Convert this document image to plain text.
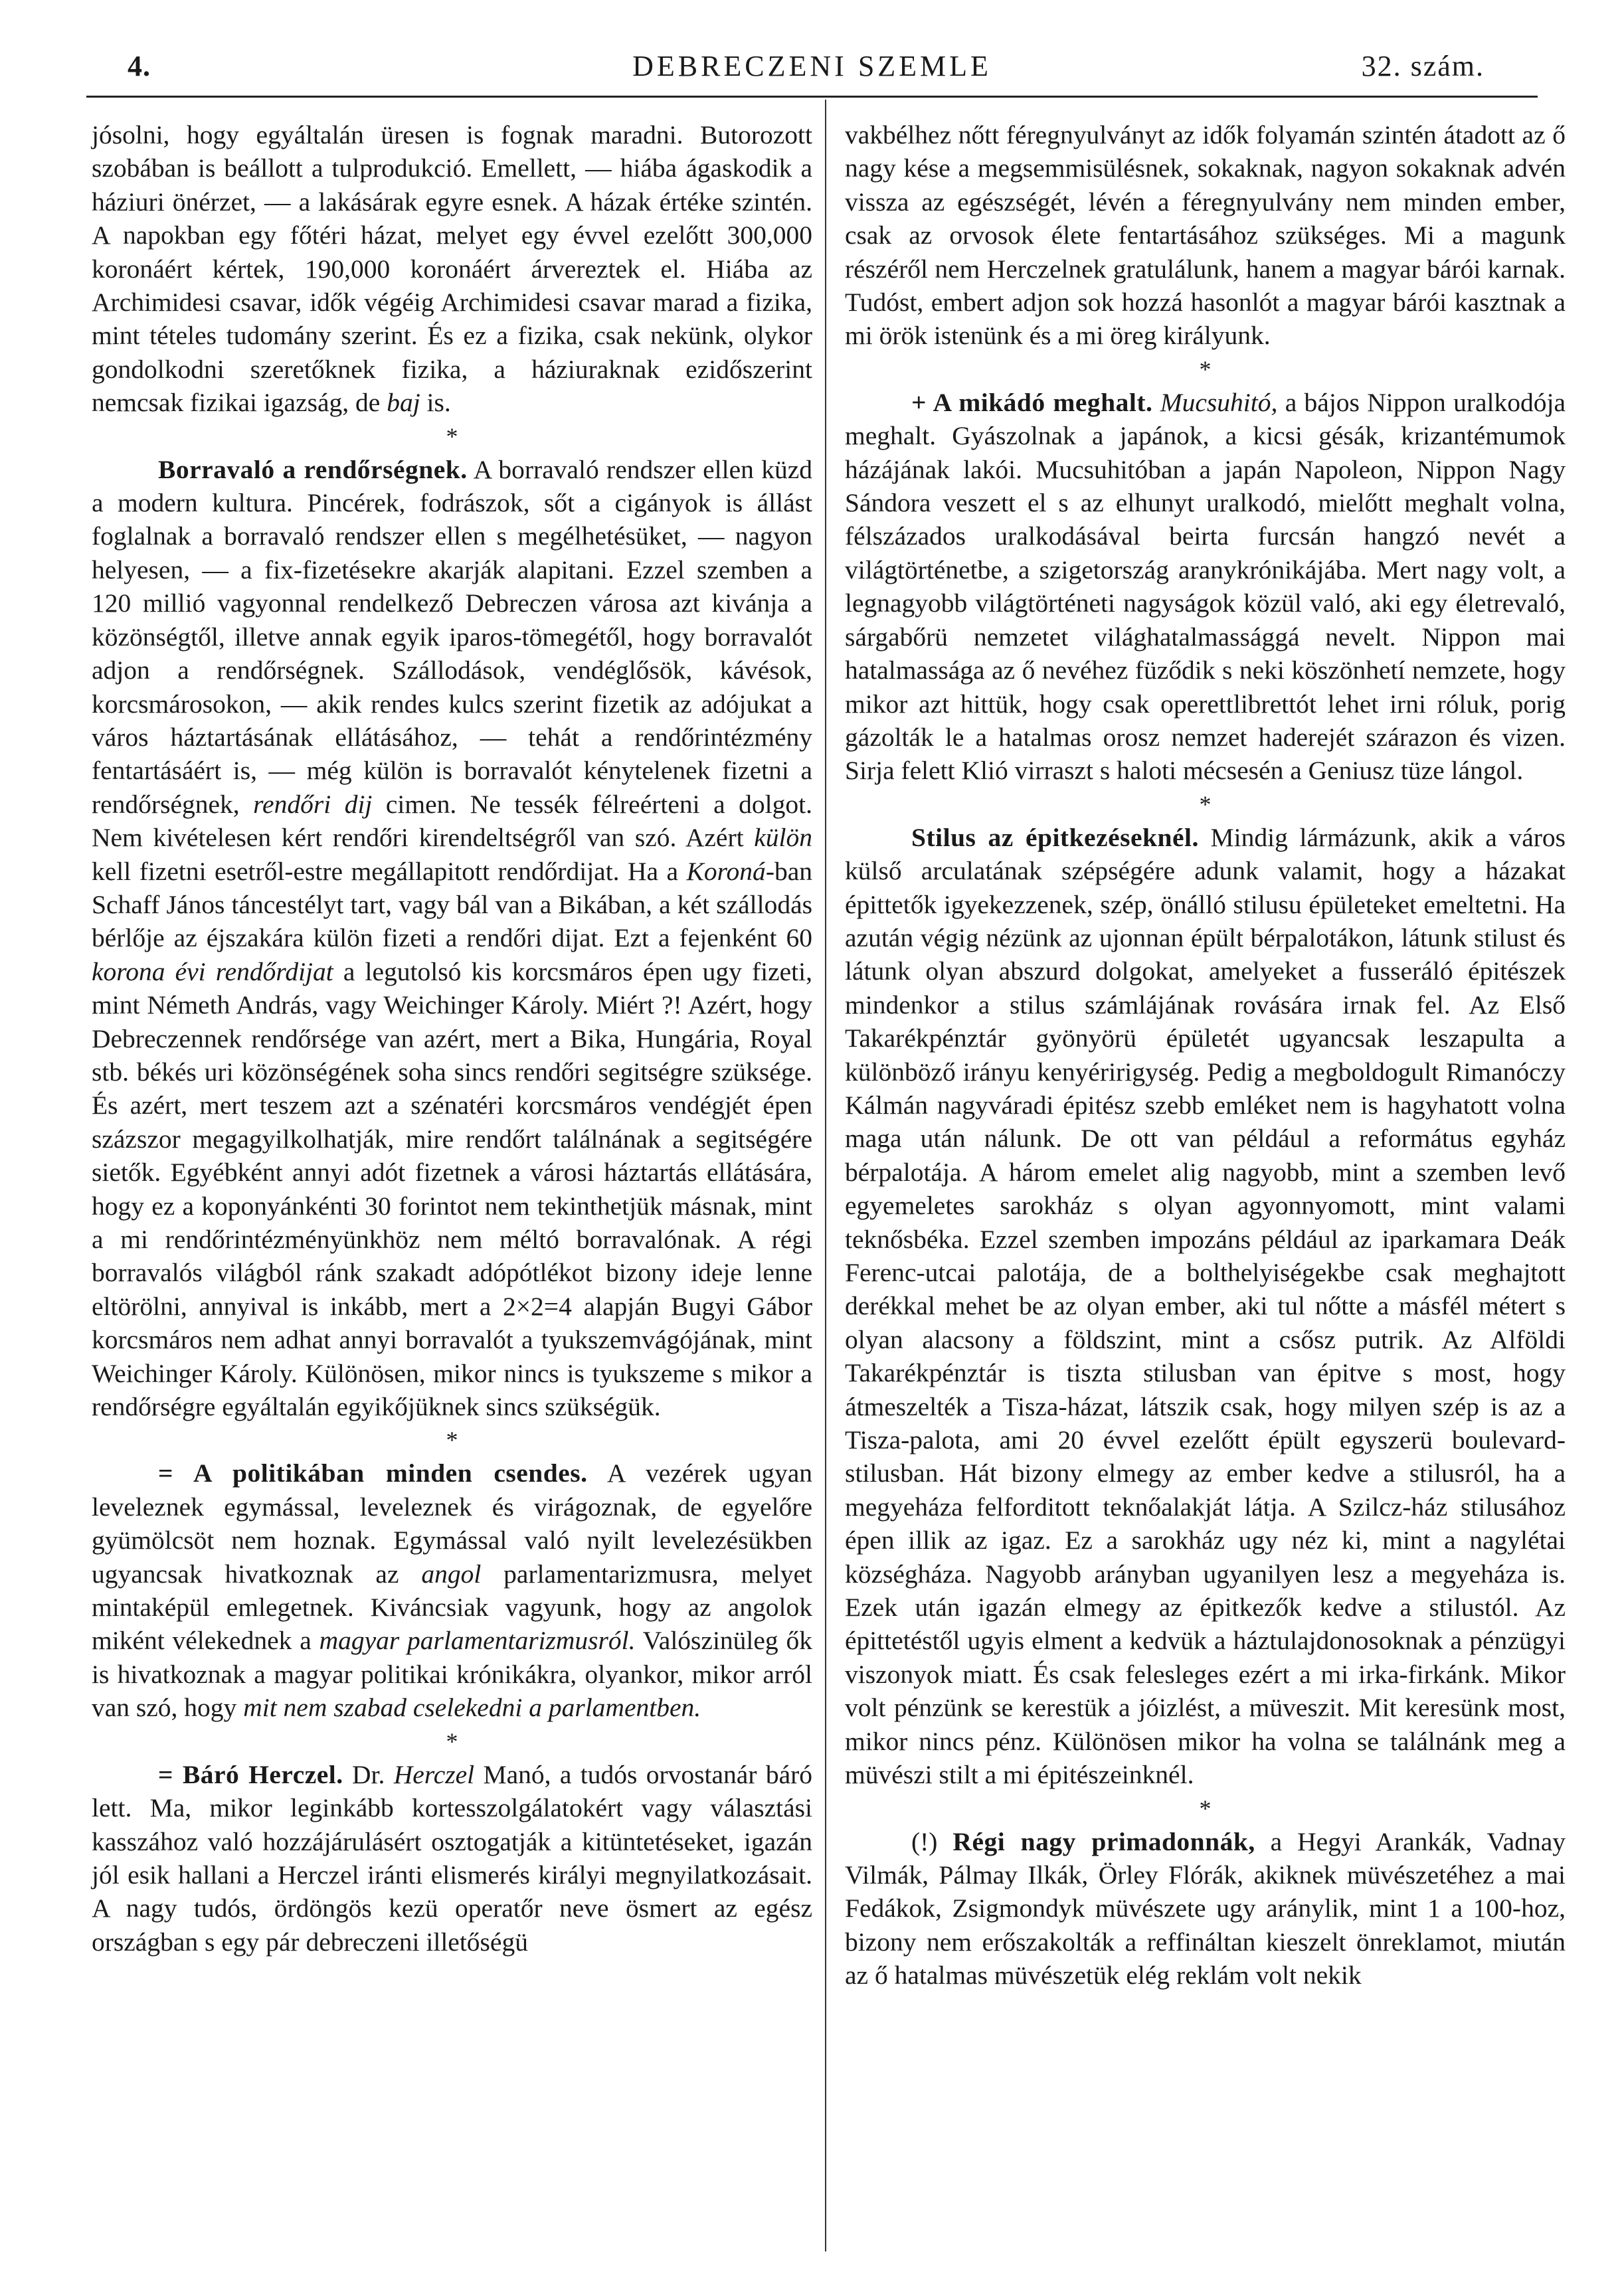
4.	DEBRECZENI SZEMLE	32. szám.

jósolni, hogy egyáltalán üresen is fognak maradni. Butorozott szobában is beállott a tulprodukció. Emellett, — hiába ágaskodik a háziuri önérzet, — a lakásárak egyre esnek. A házak értéke szintén. A napokban egy főtéri házat, melyet egy évvel ezelőtt 300,000 koronáért kértek, 190,000 koronáért árvereztek el. Hiába az Archimidesi csavar, idők végéig Archimidesi csavar marad a fizika, mint tételes tudomány szerint. És ez a fizika, csak nekünk, olykor gondolkodni szeretőknek fizika, a háziuraknak ezidőszerint nemcsak fizikai igazság, de baj is.

*

Borravaló a rendőrségnek. A borravaló rendszer ellen küzd a modern kultura. Pincérek, fodrászok, sőt a cigányok is állást foglalnak a borravaló rendszer ellen s megélhetésüket, — nagyon helyesen, — a fix-fizetésekre akarják alapitani. Ezzel szemben a 120 millió vagyonnal rendelkező Debreczen városa azt kivánja a közönségtől, illetve annak egyik iparos-tömegétől, hogy borravalót adjon a rendőrségnek. Szállodások, vendéglősök, kávésok, korcsmárosokon, — akik rendes kulcs szerint fizetik az adójukat a város háztartásának ellátásához, — tehát a rendőrintézmény fentartásáért is, — még külön is borravalót kénytelenek fizetni a rendőrségnek, rendőri dij cimen. Ne tessék félreérteni a dolgot. Nem kivételesen kért rendőri kirendeltségről van szó. Azért külön kell fizetni esetről-estre megállapitott rendőrdijat. Ha a Koroná-ban Schaff János táncestélyt tart, vagy bál van a Bikában, a két szállodás bérlője az éjszakára külön fizeti a rendőri dijat. Ezt a fejenként 60 korona évi rendőrdijat a legutolsó kis korcsmáros épen ugy fizeti, mint Németh András, vagy Weichinger Károly. Miért ?! Azért, hogy Debreczennek rendőrsége van azért, mert a Bika, Hungária, Royal stb. békés uri közönségének soha sincs rendőri segitségre szüksége. És azért, mert teszem azt a szénatéri korcsmáros vendégjét épen százszor megagyilkolhatják, mire rendőrt találnának a segitségére sietők. Egyébként annyi adót fizetnek a városi háztartás ellátására, hogy ez a koponyánkénti 30 forintot nem tekinthetjük másnak, mint a mi rendőrintézményünkhöz nem méltó borravalónak. A régi borravalós világból ránk szakadt adópótlékot bizony ideje lenne eltörölni, annyival is inkább, mert a 2×2=4 alapján Bugyi Gábor korcsmáros nem adhat annyi borravalót a tyukszemvágójának, mint Weichinger Károly. Különösen, mikor nincs is tyukszeme s mikor a rendőrségre egyáltalán egyikőjüknek sincs szükségük.

*

= A politikában minden csendes. A vezérek ugyan leveleznek egymással, leveleznek és virágoznak, de egyelőre gyümölcsöt nem hoznak. Egymással való nyilt levelezésükben ugyancsak hivatkoznak az angol parlamentarizmusra, melyet mintaképül emlegetnek. Kiváncsiak vagyunk, hogy az angolok miként vélekednek a magyar parlamentarizmusról. Valószinüleg ők is hivatkoznak a magyar politikai krónikákra, olyankor, mikor arról van szó, hogy mit nem szabad cselekedni a parlamentben.

*

= Báró Herczel. Dr. Herczel Manó, a tudós orvostanár báró lett. Ma, mikor leginkább kortesszolgálatokért vagy választási kasszához való hozzájárulásért osztogatják a kitüntetéseket, igazán jól esik hallani a Herczel iránti elismerés királyi megnyilatkozásait. A nagy tudós, ördöngös kezü operatőr neve ösmert az egész országban s egy pár debreczeni illetőségü

vakbélhez nőtt féregnyulványt az idők folyamán szintén átadott az ő nagy kése a megsemmisülésnek, sokaknak, nagyon sokaknak advén vissza az egészségét, lévén a féregnyulvány nem minden ember, csak az orvosok élete fentartásához szükséges. Mi a magunk részéről nem Herczelnek gratulálunk, hanem a magyar bárói karnak. Tudóst, embert adjon sok hozzá hasonlót a magyar bárói kasztnak a mi örök istenünk és a mi öreg királyunk.

*

+ A mikádó meghalt. Mucsuhitó, a bájos Nippon uralkodója meghalt. Gyászolnak a japánok, a kicsi gésák, krizantémumok házájának lakói. Mucsuhitóban a japán Napoleon, Nippon Nagy Sándora veszett el s az elhunyt uralkodó, mielőtt meghalt volna, félszázados uralkodásával beirta furcsán hangzó nevét a világtörténetbe, a szigetország aranykrónikájába. Mert nagy volt, a legnagyobb világtörténeti nagyságok közül való, aki egy életrevaló, sárgabőrü nemzetet világhatalmassággá nevelt. Nippon mai hatalmassága az ő nevéhez füződik s neki köszönhetí nemzete, hogy mikor azt hittük, hogy csak operettlibrettót lehet irni róluk, porig gázolták le a hatalmas orosz nemzet haderejét szárazon és vizen. Sirja felett Klió virraszt s haloti mécsesén a Geniusz tüze lángol.

*

Stilus az épitkezéseknél. Mindig lármázunk, akik a város külső arculatának szépségére adunk valamit, hogy a házakat épittetők igyekezzenek, szép, önálló stilusu épületeket emeltetni. Ha azután végig nézünk az ujonnan épült bérpalotákon, látunk stilust és látunk olyan abszurd dolgokat, amelyeket a fusseráló épitészek mindenkor a stilus számlájának rovására irnak fel. Az Első Takarékpénztár gyönyörü épületét ugyancsak leszapulta a különböző irányu kenyéririgység. Pedig a megboldogult Rimanóczy Kálmán nagyváradi épitész szebb emléket nem is hagyhatott volna maga után nálunk. De ott van például a református egyház bérpalotája. A három emelet alig nagyobb, mint a szemben levő egyemeletes sarokház s olyan agyonnyomott, mint valami teknősbéka. Ezzel szemben impozáns például az iparkamara Deák Ferenc-utcai palotája, de a bolthelyiségekbe csak meghajtott derékkal mehet be az olyan ember, aki tul nőtte a másfél métert s olyan alacsony a földszint, mint a csősz putrik. Az Alföldi Takarékpénztár is tiszta stilusban van épitve s most, hogy átmeszelték a Tisza-házat, látszik csak, hogy milyen szép is az a Tisza-palota, ami 20 évvel ezelőtt épült egyszerü boulevard-stilusban. Hát bizony elmegy az ember kedve a stilusról, ha a megyeháza felforditott teknőalakját látja. A Szilcz-ház stilusához épen illik az igaz. Ez a sarokház ugy néz ki, mint a nagylétai községháza. Nagyobb arányban ugyanilyen lesz a megyeháza is. Ezek után igazán elmegy az épitkezők kedve a stilustól. Az épittetéstől ugyis elment a kedvük a háztulajdonosoknak a pénzügyi viszonyok miatt. És csak felesleges ezért a mi irka-firkánk. Mikor volt pénzünk se kerestük a jóizlést, a müveszit. Mit keresünk most, mikor nincs pénz. Különösen mikor ha volna se találnánk meg a müvészi stilt a mi épitészeinknél.

*

(!) Régi nagy primadonnák, a Hegyi Arankák, Vadnay Vilmák, Pálmay Ilkák, Örley Flórák, akiknek müvészetéhez a mai Fedákok, Zsigmondyk müvészete ugy aránylik, mint 1 a 100-hoz, bizony nem erőszakolták a reffináltan kieszelt önreklamot, miután az ő hatalmas müvészetük elég reklám volt nekik
